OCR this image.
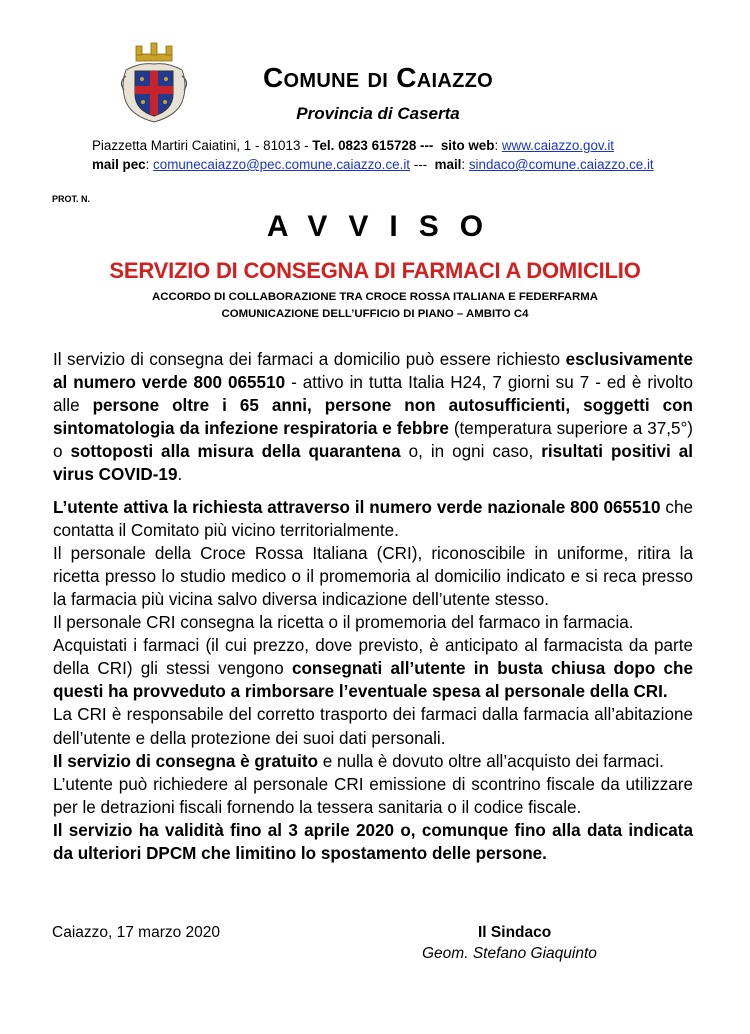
Comune di Caiazzo
Provincia di Caserta
Piazzetta Martiri Caiatini, 1 - 81013 - Tel. 0823 615728 ---  sito web: www.caiazzo.gov.it
mail pec: comunecaiazzo@pec.comune.caiazzo.ce.it ---  mail: sindaco@comune.caiazzo.ce.it
PROT. N.
AVVISO
SERVIZIO DI CONSEGNA DI FARMACI A DOMICILIO
ACCORDO DI COLLABORAZIONE TRA CROCE ROSSA ITALIANA E FEDERFARMA
COMUNICAZIONE DELL’UFFICIO DI PIANO – AMBITO C4

Il servizio di consegna dei farmaci a domicilio può essere richiesto esclusivamente al numero verde 800 065510 - attivo in tutta Italia H24, 7 giorni su 7 - ed è rivolto alle persone oltre i 65 anni, persone non autosufficienti, soggetti con sintomatologia da infezione respiratoria e febbre (temperatura superiore a 37,5°) o sottoposti alla misura della quarantena o, in ogni caso, risultati positivi al virus COVID-19.

L’utente attiva la richiesta attraverso il numero verde nazionale 800 065510 che contatta il Comitato più vicino territorialmente.

Il personale della Croce Rossa Italiana (CRI), riconoscibile in uniforme, ritira la ricetta presso lo studio medico o il promemoria al domicilio indicato e si reca presso la farmacia più vicina salvo diversa indicazione dell’utente stesso.

Il personale CRI consegna la ricetta o il promemoria del farmaco in farmacia.

Acquistati i farmaci (il cui prezzo, dove previsto, è anticipato al farmacista da parte della CRI) gli stessi vengono consegnati all’utente in busta chiusa dopo che questi ha provveduto a rimborsare l’eventuale spesa al personale della CRI.

La CRI è responsabile del corretto trasporto dei farmaci dalla farmacia all’abitazione dell’utente e della protezione dei suoi dati personali.

Il servizio di consegna è gratuito e nulla è dovuto oltre all’acquisto dei farmaci.

L’utente può richiedere al personale CRI emissione di scontrino fiscale da utilizzare per le detrazioni fiscali fornendo la tessera sanitaria o il codice fiscale.

Il servizio ha validità fino al 3 aprile 2020 o, comunque fino alla data indicata da ulteriori DPCM che limitino lo spostamento delle persone.

Caiazzo, 17 marzo 2020	Il Sindaco
Geom. Stefano Giaquinto
